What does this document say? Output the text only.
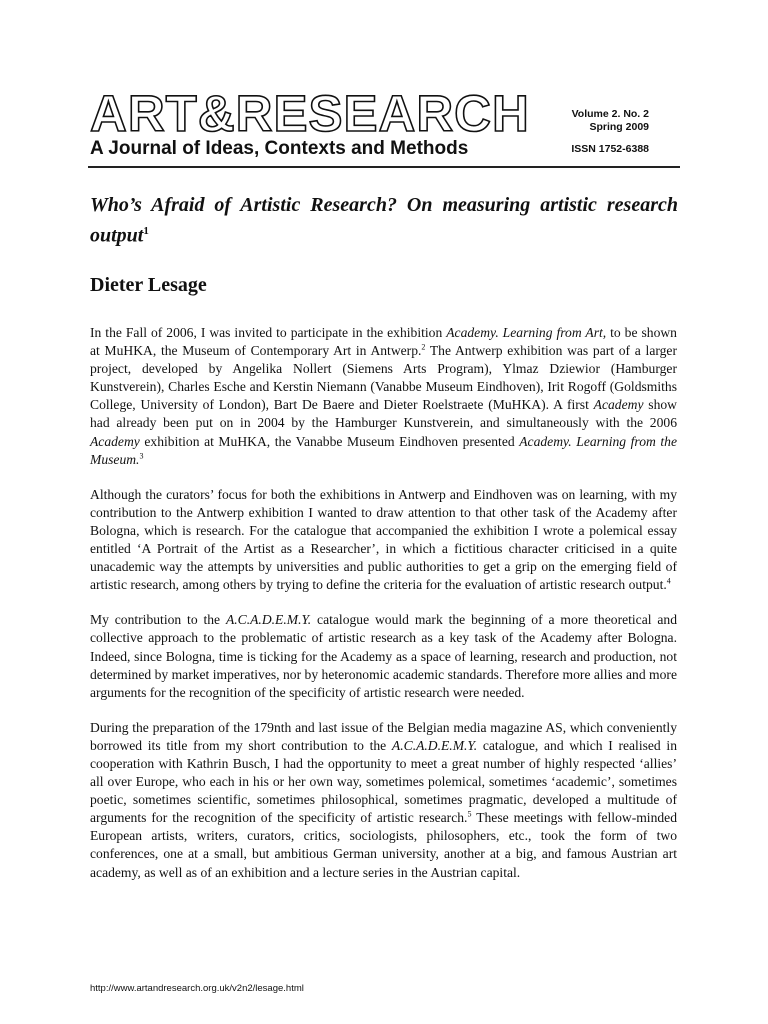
ART&RESEARCH
A Journal of Ideas, Contexts and Methods
Volume 2. No. 2
Spring 2009
ISSN 1752-6388
Who’s Afraid of Artistic Research? On measuring artistic research output$^1$
Dieter Lesage

In the Fall of 2006, I was invited to participate in the exhibition Academy. Learning from Art, to be shown at MuHKA, the Museum of Contemporary Art in Antwerp.$^2$ The Antwerp exhibition was part of a larger project, developed by Angelika Nollert (Siemens Arts Program), Ylmaz Dziewior (Hamburger Kunstverein), Charles Esche and Kerstin Niemann (Vanabbe Museum Eindhoven), Irit Rogoff (Goldsmiths College, University of London), Bart De Baere and Dieter Roelstraete (MuHKA). A first Academy show had already been put on in 2004 by the Hamburger Kunstverein, and simultaneously with the 2006 Academy exhibition at MuHKA, the Vanabbe Museum Eindhoven presented Academy. Learning from the Museum.$^3$

Although the curators’ focus for both the exhibitions in Antwerp and Eindhoven was on learning, with my contribution to the Antwerp exhibition I wanted to draw attention to that other task of the Academy after Bologna, which is research. For the catalogue that accompanied the exhibition I wrote a polemical essay entitled ‘A Portrait of the Artist as a Researcher’, in which a fictitious character criticised in a quite unacademic way the attempts by universities and public authorities to get a grip on the emerging field of artistic research, among others by trying to define the criteria for the evaluation of artistic research output.$^4$

My contribution to the A.C.A.D.E.M.Y. catalogue would mark the beginning of a more theoretical and collective approach to the problematic of artistic research as a key task of the Academy after Bologna. Indeed, since Bologna, time is ticking for the Academy as a space of learning, research and production, not determined by market imperatives, nor by heteronomic academic standards. Therefore more allies and more arguments for the recognition of the specificity of artistic research were needed.

During the preparation of the 179nth and last issue of the Belgian media magazine AS, which conveniently borrowed its title from my short contribution to the A.C.A.D.E.M.Y. catalogue, and which I realised in cooperation with Kathrin Busch, I had the opportunity to meet a great number of highly respected ‘allies’ all over Europe, who each in his or her own way, sometimes polemical, sometimes ‘academic’, sometimes poetic, sometimes scientific, sometimes philosophical, sometimes pragmatic, developed a multitude of arguments for the recognition of the specificity of artistic research.$^5$ These meetings with fellow-minded European artists, writers, curators, critics, sociologists, philosophers, etc., took the form of two conferences, one at a small, but ambitious German university, another at a big, and famous Austrian art academy, as well as of an exhibition and a lecture series in the Austrian capital.

http://www.artandresearch.org.uk/v2n2/lesage.html
